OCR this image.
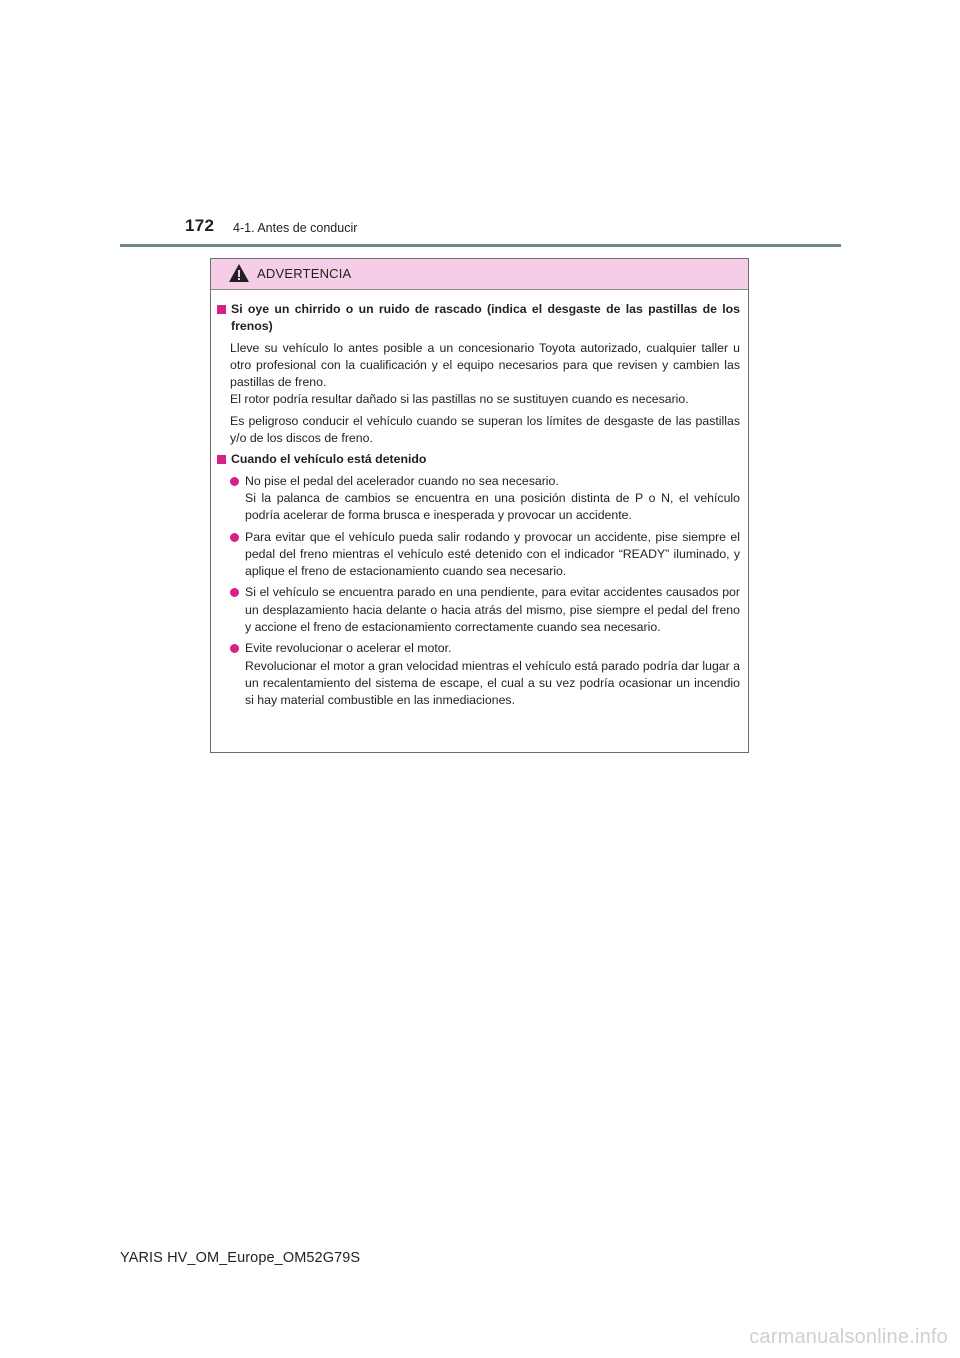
172 4-1. Antes de conducir
ADVERTENCIA
Si oye un chirrido o un ruido de rascado (indica el desgaste de las pastillas de los frenos)
Lleve su vehículo lo antes posible a un concesionario Toyota autorizado, cualquier taller u otro profesional con la cualificación y el equipo necesarios para que revisen y cambien las pastillas de freno.
El rotor podría resultar dañado si las pastillas no se sustituyen cuando es necesario.
Es peligroso conducir el vehículo cuando se superan los límites de desgaste de las pastillas y/o de los discos de freno.
Cuando el vehículo está detenido
No pise el pedal del acelerador cuando no sea necesario.
Si la palanca de cambios se encuentra en una posición distinta de P o N, el vehículo podría acelerar de forma brusca e inesperada y provocar un accidente.
Para evitar que el vehículo pueda salir rodando y provocar un accidente, pise siempre el pedal del freno mientras el vehículo esté detenido con el indicador “READY” iluminado, y aplique el freno de estacionamiento cuando sea necesario.
Si el vehículo se encuentra parado en una pendiente, para evitar accidentes causados por un desplazamiento hacia delante o hacia atrás del mismo, pise siempre el pedal del freno y accione el freno de estacionamiento correctamente cuando sea necesario.
Evite revolucionar o acelerar el motor.
Revolucionar el motor a gran velocidad mientras el vehículo está parado podría dar lugar a un recalentamiento del sistema de escape, el cual a su vez podría ocasionar un incendio si hay material combustible en las inmediaciones.
YARIS HV_OM_Europe_OM52G79S
carmanualsonline.info
